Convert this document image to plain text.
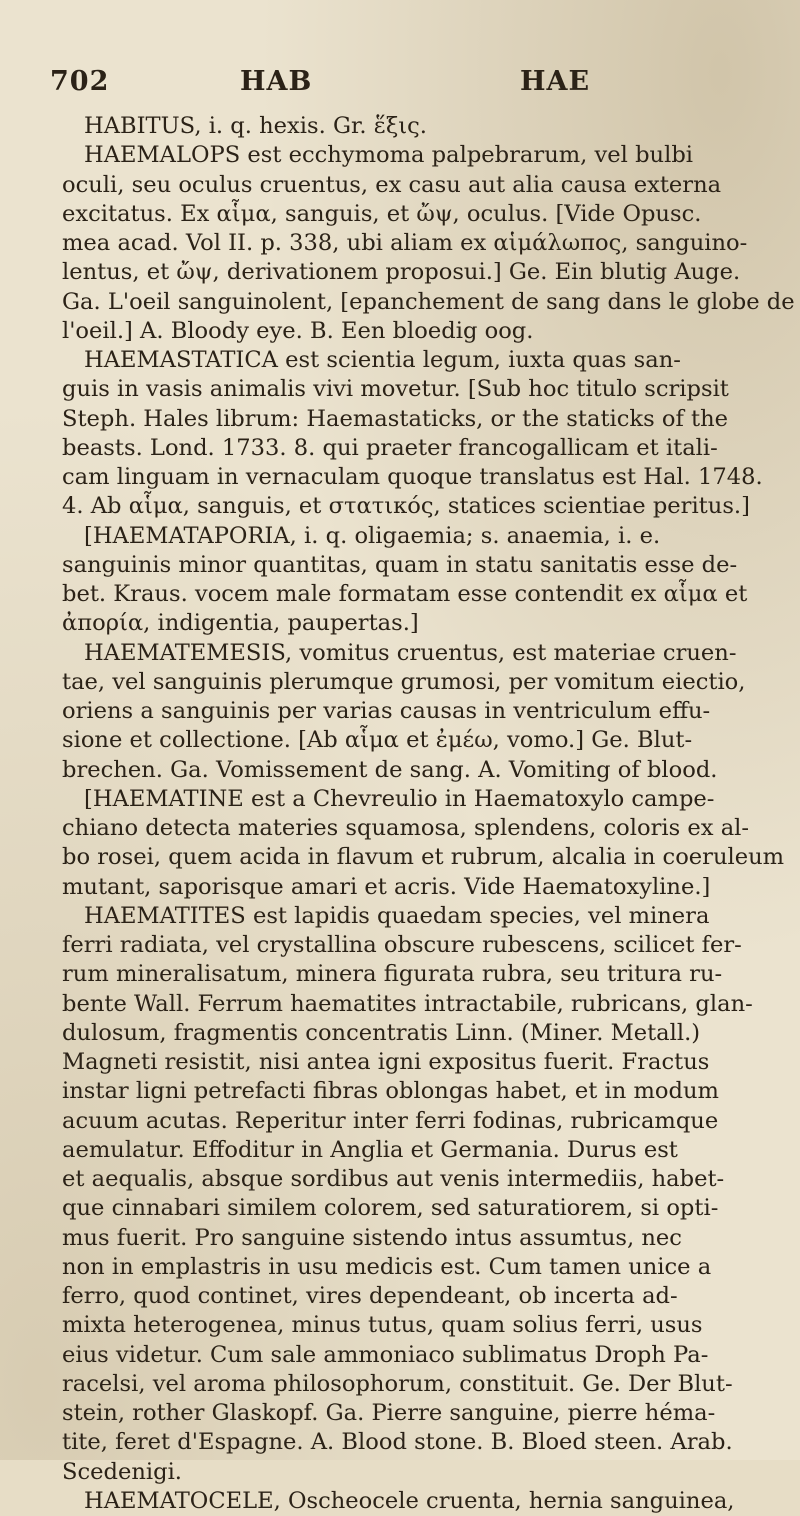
702	HAB	HAE
HABITUS, i. q. hexis. Gr. ἕξις.
HAEMALOPS est ecchymoma palpebrarum, vel bulbi
oculi, seu oculus cruentus, ex casu aut alia causa externa
excitatus. Ex αἷμα, sanguis, et ὤψ, oculus. [Vide Opusc.
mea acad. Vol II. p. 338, ubi aliam ex αἱμάλωπος, sanguino-
lentus, et ὤψ, derivationem proposui.] Ge. Ein blutig Auge.
Ga. L'oeil sanguinolent, [epanchement de sang dans le globe de
l'oeil.] A. Bloody eye. B. Een bloedig oog.
HAEMASTATICA est scientia legum, iuxta quas san-
guis in vasis animalis vivi movetur. [Sub hoc titulo scripsit
Steph. Hales librum: Haemastaticks, or the staticks of the
beasts. Lond. 1733. 8. qui praeter francogallicam et itali-
cam linguam in vernaculam quoque translatus est Hal. 1748.
4. Ab αἷμα, sanguis, et στατικός, statices scientiae peritus.]
[HAEMATAPORIA, i. q. oligaemia; s. anaemia, i. e.
sanguinis minor quantitas, quam in statu sanitatis esse de-
bet. Kraus. vocem male formatam esse contendit ex αἷμα et
ἀπορία, indigentia, paupertas.]
HAEMATEMESIS, vomitus cruentus, est materiae cruen-
tae, vel sanguinis plerumque grumosi, per vomitum eiectio,
oriens a sanguinis per varias causas in ventriculum effu-
sione et collectione. [Ab αἷμα et ἐμέω, vomo.] Ge. Blut-
brechen. Ga. Vomissement de sang. A. Vomiting of blood.
[HAEMATINE est a Chevreulio in Haematoxylo campe-
chiano detecta materies squamosa, splendens, coloris ex al-
bo rosei, quem acida in flavum et rubrum, alcalia in coeruleum
mutant, saporisque amari et acris. Vide Haematoxyline.]
HAEMATITES est lapidis quaedam species, vel minera
ferri radiata, vel crystallina obscure rubescens, scilicet fer-
rum mineralisatum, minera figurata rubra, seu tritura ru-
bente Wall. Ferrum haematites intractabile, rubricans, glan-
dulosum, fragmentis concentratis Linn. (Miner. Metall.)
Magneti resistit, nisi antea igni expositus fuerit. Fractus
instar ligni petrefacti fibras oblongas habet, et in modum
acuum acutas. Reperitur inter ferri fodinas, rubricamque
aemulatur. Effoditur in Anglia et Germania. Durus est
et aequalis, absque sordibus aut venis intermediis, habet-
que cinnabari similem colorem, sed saturatiorem, si opti-
mus fuerit. Pro sanguine sistendo intus assumtus, nec
non in emplastris in usu medicis est. Cum tamen unice a
ferro, quod continet, vires dependeant, ob incerta ad-
mixta heterogenea, minus tutus, quam solius ferri, usus
eius videtur. Cum sale ammoniaco sublimatus Droph Pa-
racelsi, vel aroma philosophorum, constituit. Ge. Der Blut-
stein, rother Glaskopf. Ga. Pierre sanguine, pierre héma-
tite, feret d'Espagne. A. Blood stone. B. Bloed steen. Arab.
Scedenigi.
HAEMATOCELE, Oscheocele cruenta, hernia sanguinea,
